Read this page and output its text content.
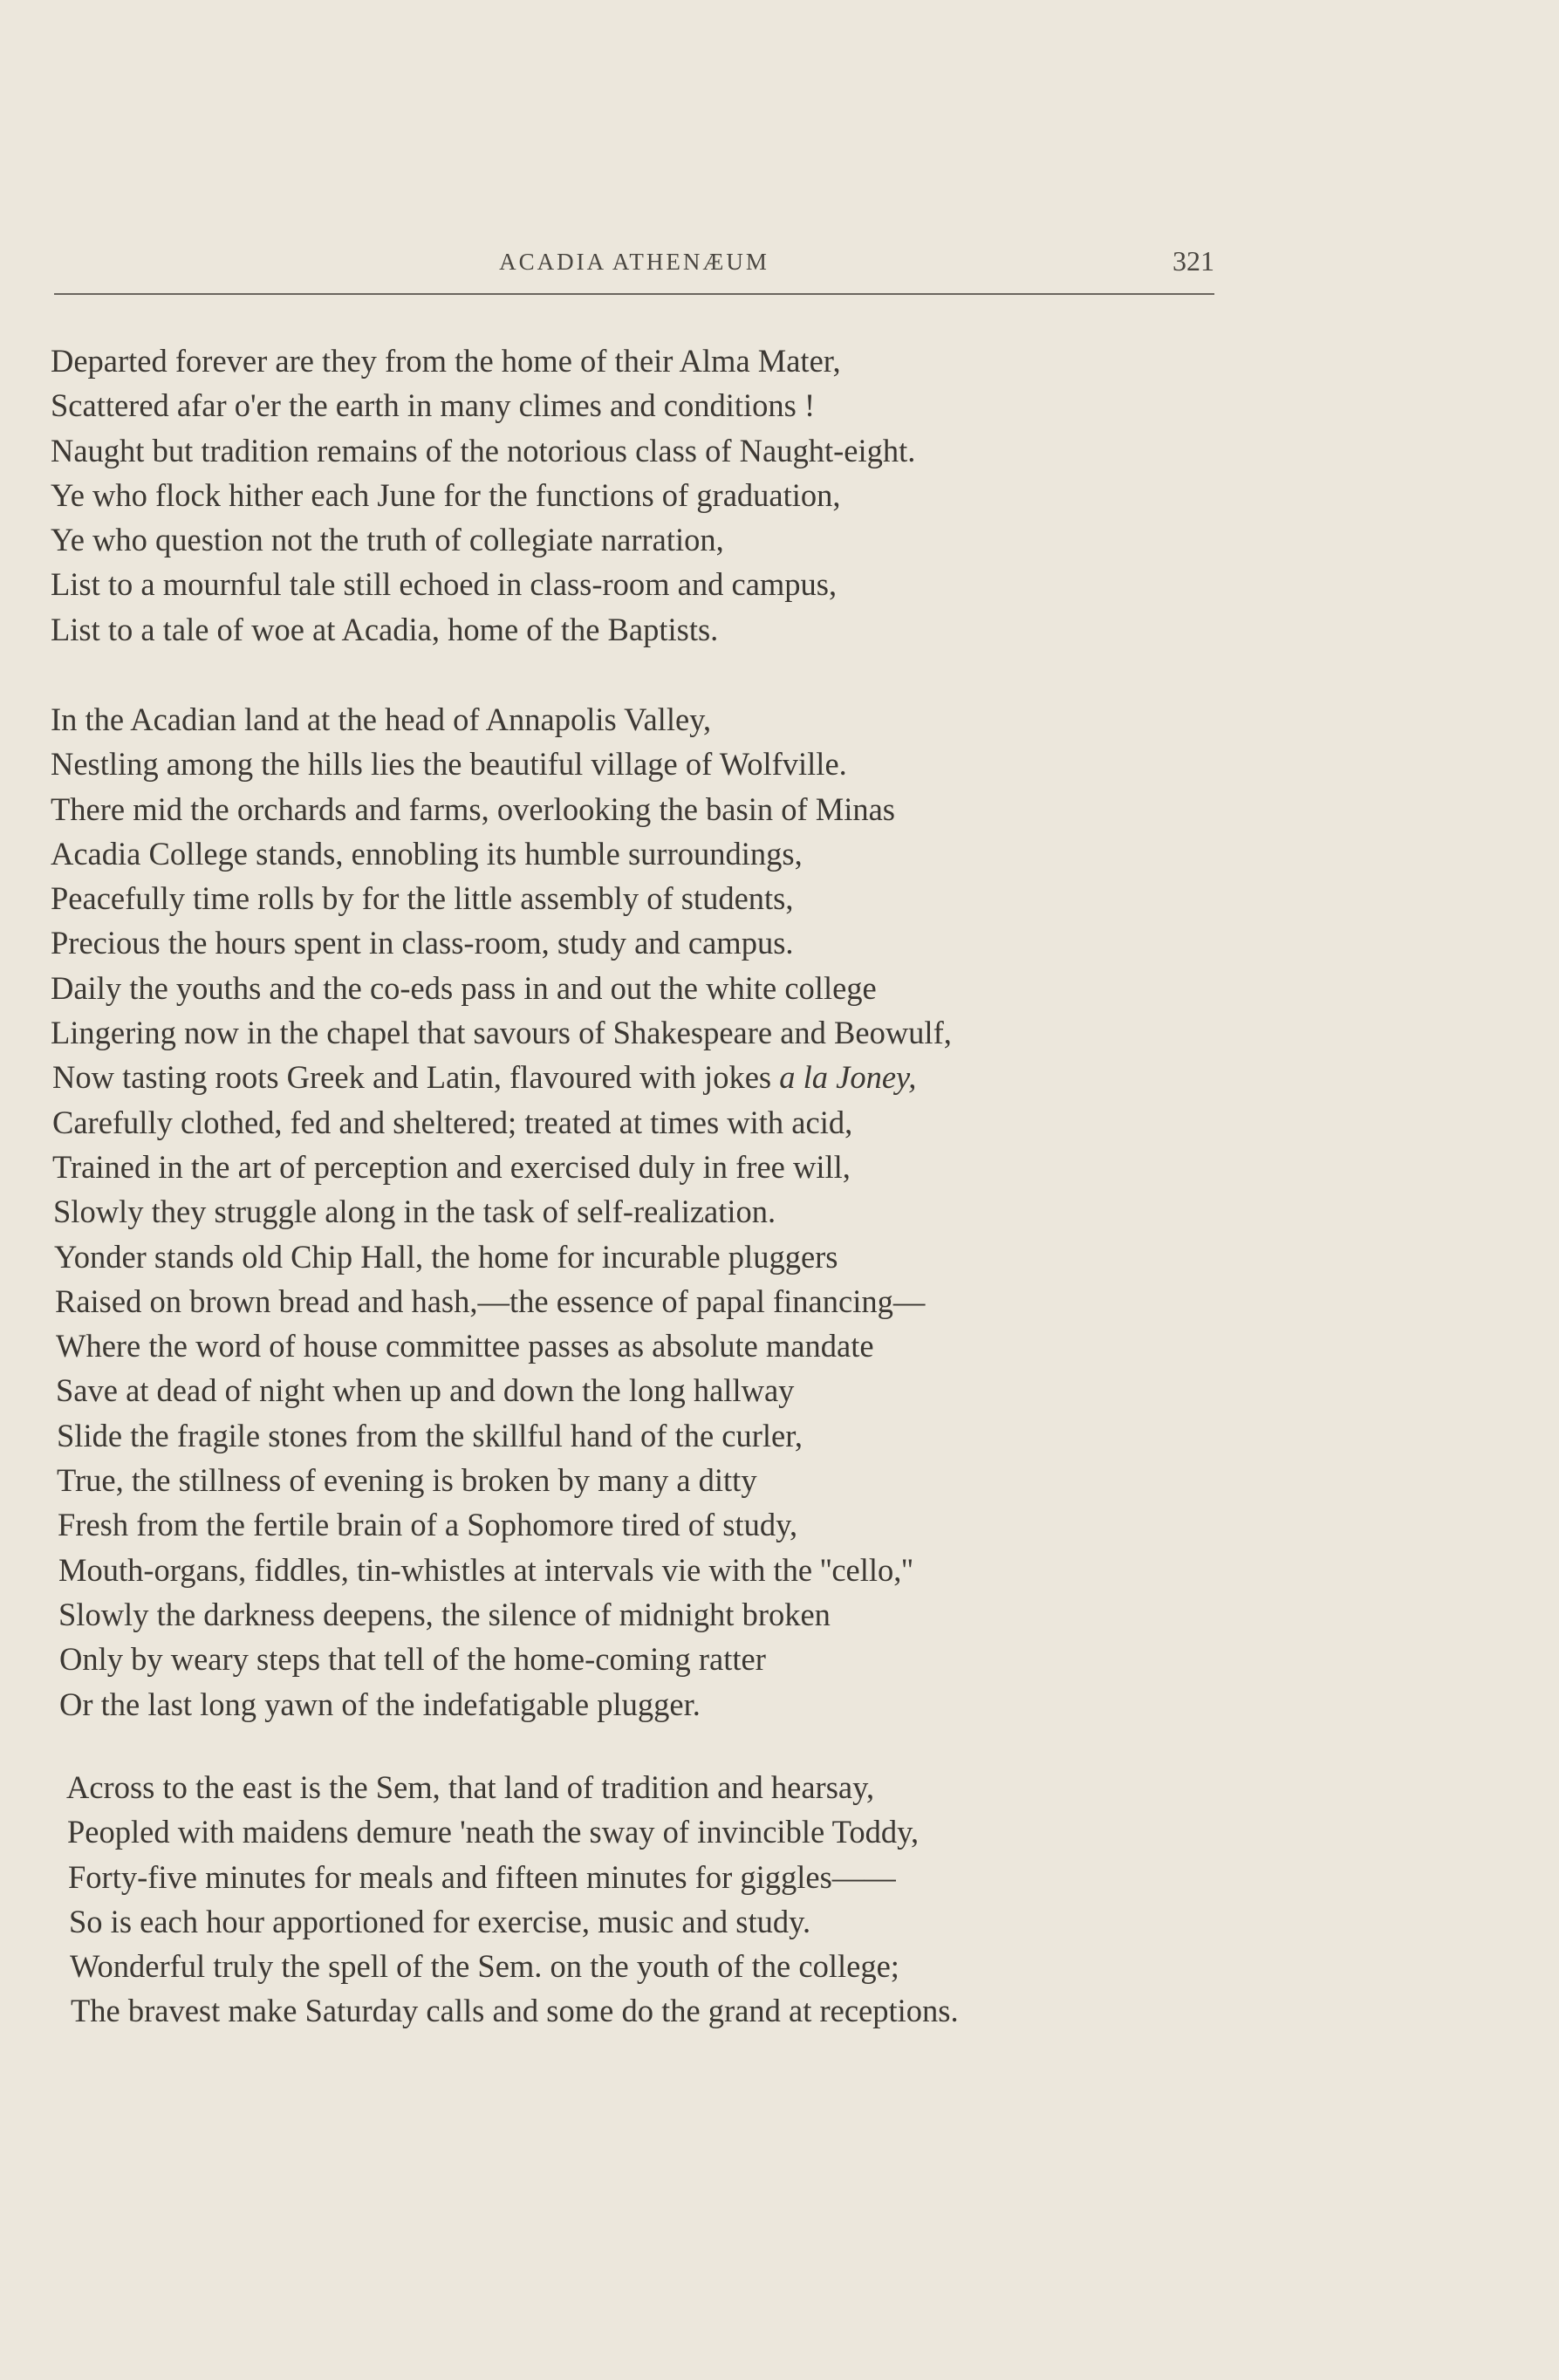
ACADIA ATHENÆUM	321
Departed forever are they from the home of their Alma Mater,
Scattered afar o'er the earth in many climes and conditions !
Naught but tradition remains of the notorious class of Naught-eight.
Ye who flock hither each June for the functions of graduation,
Ye who question not the truth of collegiate narration,
List to a mournful tale still echoed in class-room and campus,
List to a tale of woe at Acadia, home of the Baptists.
In the Acadian land at the head of Annapolis Valley,
Nestling among the hills lies the beautiful village of Wolfville.
There mid the orchards and farms, overlooking the basin of Minas
Acadia College stands, ennobling its humble surroundings,
Peacefully time rolls by for the little assembly of students,
Precious the hours spent in class-room, study and campus.
Daily the youths and the co-eds pass in and out the white college
Lingering now in the chapel that savours of Shakespeare and Beowulf,
Now tasting roots Greek and Latin, flavoured with jokes a la Joney,
Carefully clothed, fed and sheltered; treated at times with acid,
Trained in the art of perception and exercised duly in free will,
Slowly they struggle along in the task of self-realization.
Yonder stands old Chip Hall, the home for incurable pluggers
Raised on brown bread and hash,—the essence of papal financing—
Where the word of house committee passes as absolute mandate
Save at dead of night when up and down the long hallway
Slide the fragile stones from the skillful hand of the curler,
True, the stillness of evening is broken by many a ditty
Fresh from the fertile brain of a Sophomore tired of study,
Mouth-organs, fiddles, tin-whistles at intervals vie with the ''cello,''
Slowly the darkness deepens, the silence of midnight broken
Only by weary steps that tell of the home-coming ratter
Or the last long yawn of the indefatigable plugger.
Across to the east is the Sem, that land of tradition and hearsay,
Peopled with maidens demure 'neath the sway of invincible Toddy,
Forty-five minutes for meals and fifteen minutes for giggles——
So is each hour apportioned for exercise, music and study.
Wonderful truly the spell of the Sem. on the youth of the college;
The bravest make Saturday calls and some do the grand at receptions.
